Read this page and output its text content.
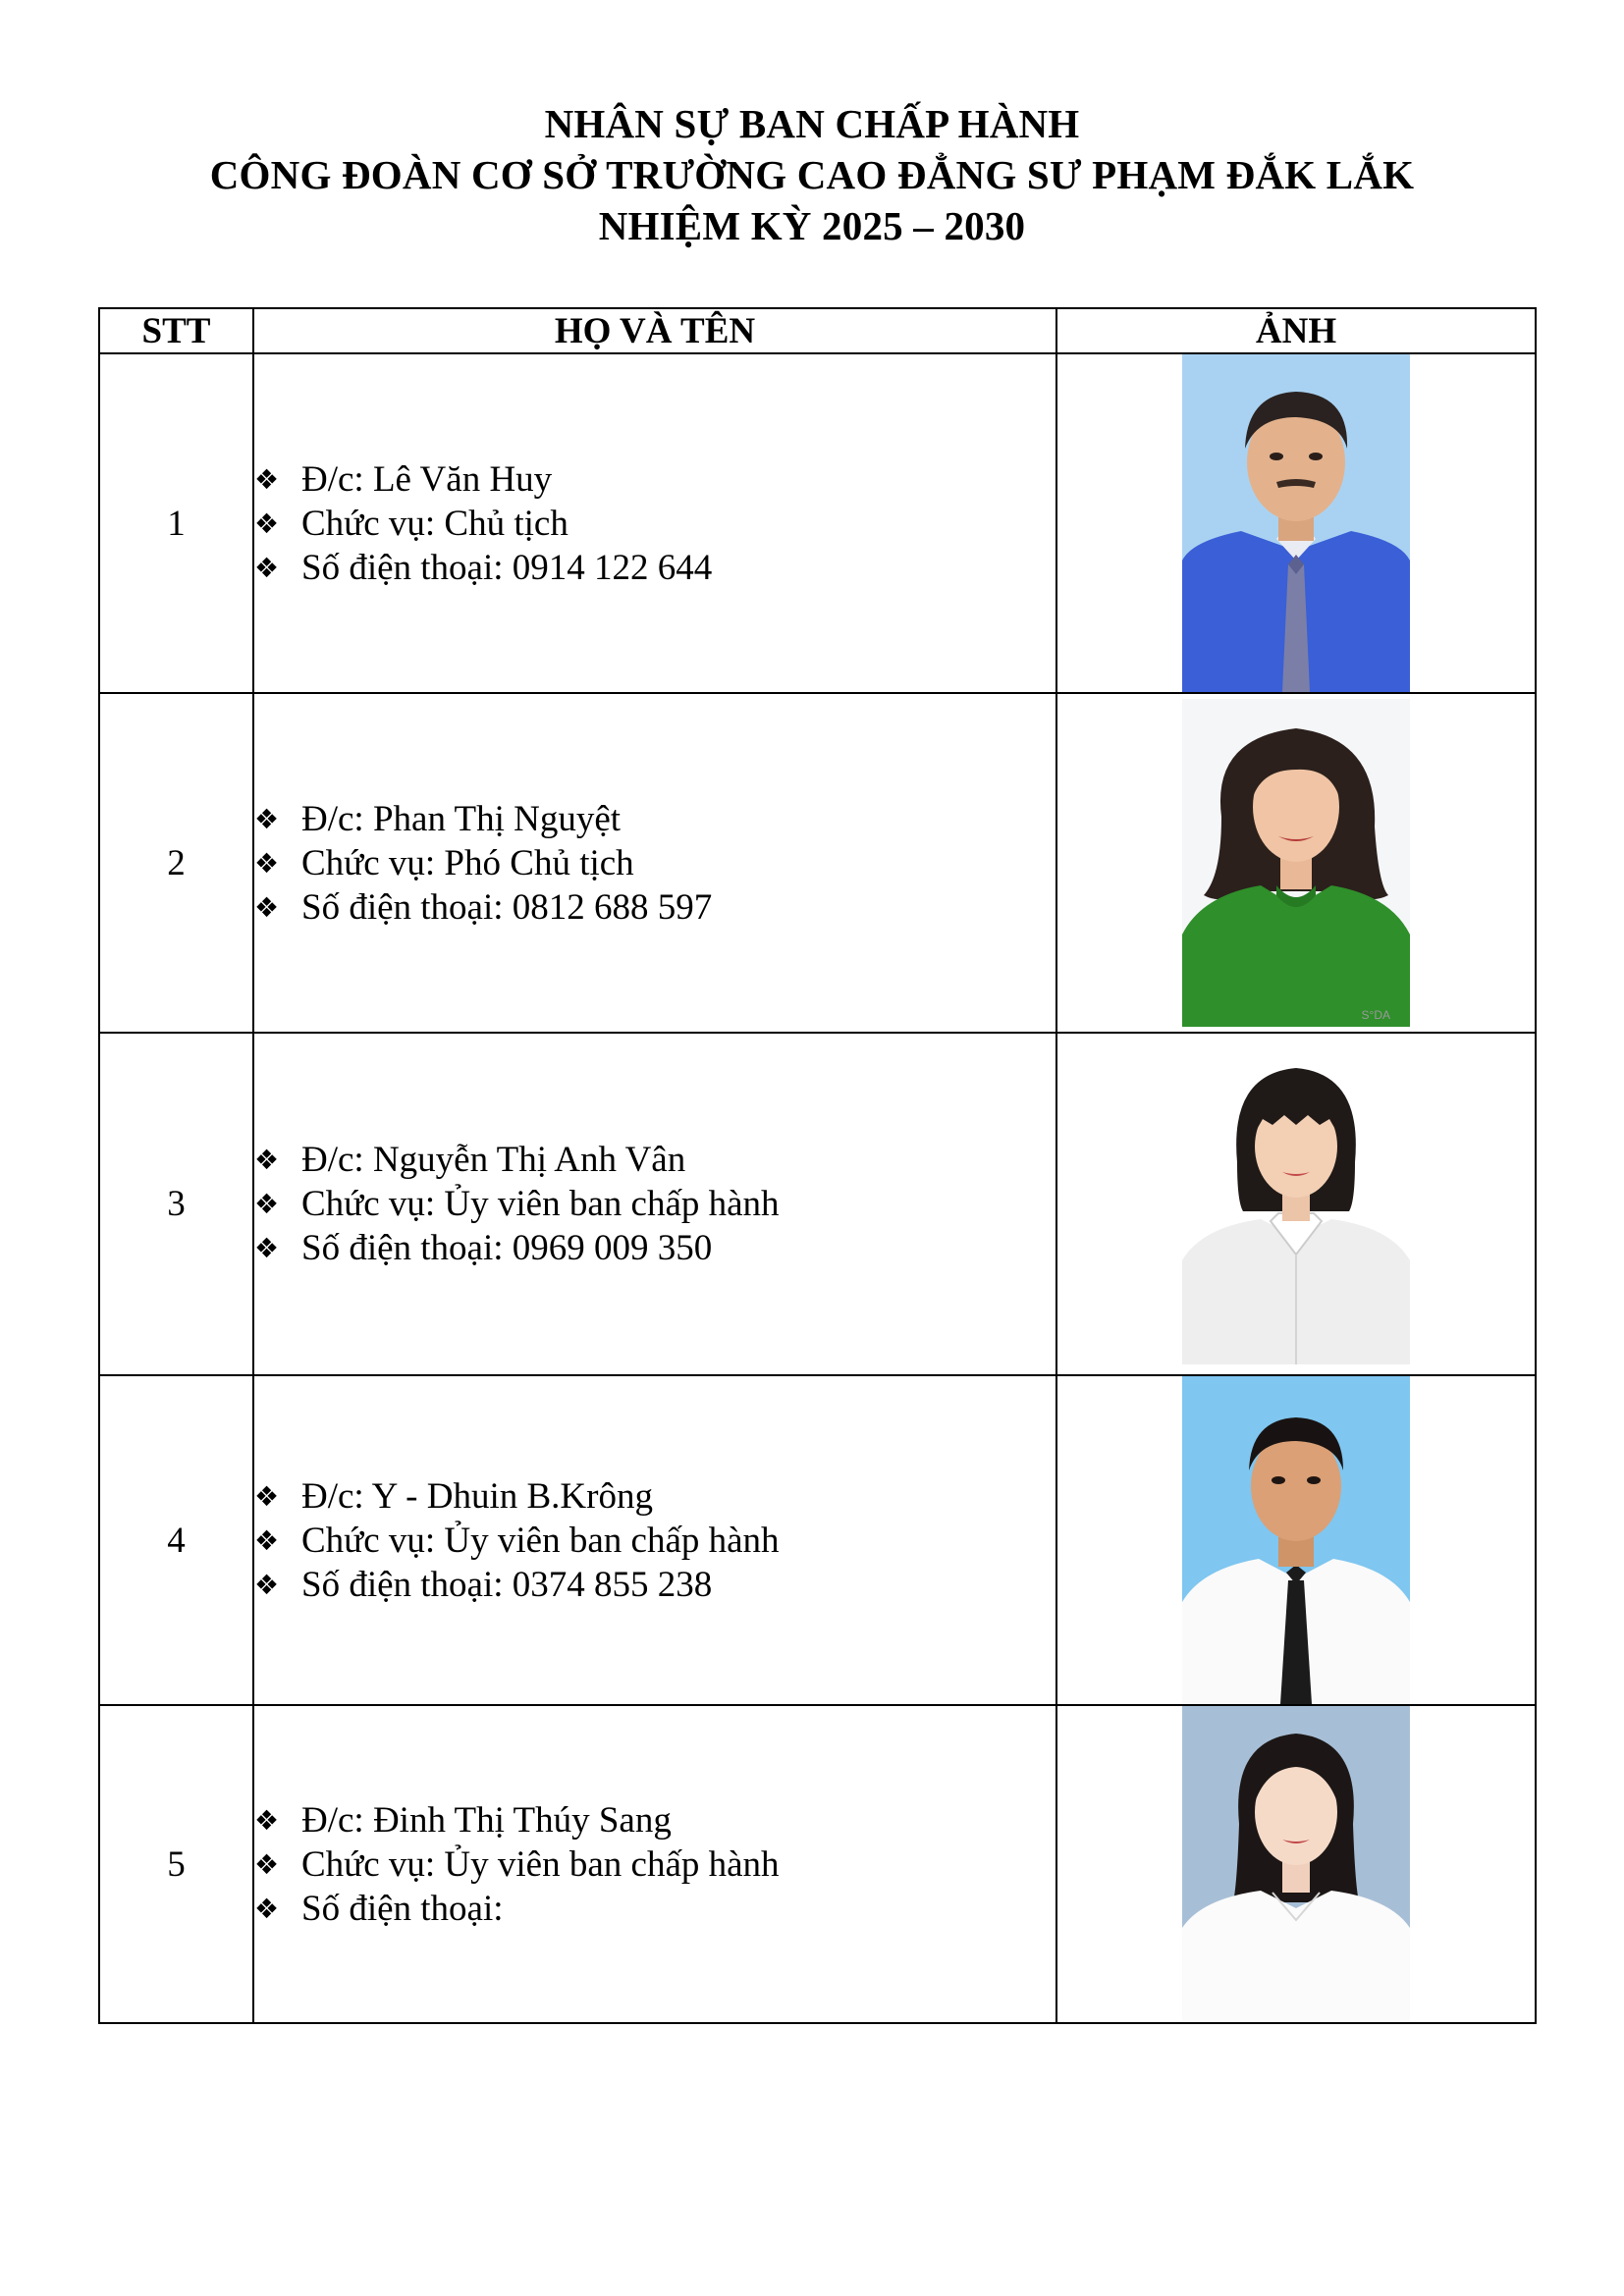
NHÂN SỰ BAN CHẤP HÀNH
CÔNG ĐOÀN CƠ SỞ TRƯỜNG CAO ĐẲNG SƯ PHẠM ĐẮK LẮK
NHIỆM KỲ 2025 – 2030
STT	HỌ VÀ TÊN	ẢNH
1	❖ Đ/c: Lê Văn Huy
❖ Chức vụ: Chủ tịch
❖ Số điện thoại: 0914 122 644

2	❖ Đ/c: Phan Thị Nguyệt
❖ Chức vụ: Phó Chủ tịch
❖ Số điện thoại: 0812 688 597	S°DA

3	❖ Đ/c: Nguyễn Thị Anh Vân
❖ Chức vụ: Ủy viên ban chấp hành
❖ Số điện thoại: 0969 009 350

4	❖ Đ/c: Y - Dhuin B.Krông
❖ Chức vụ: Ủy viên ban chấp hành
❖ Số điện thoại: 0374 855 238

5	❖ Đ/c: Đinh Thị Thúy Sang
❖ Chức vụ: Ủy viên ban chấp hành
❖ Số điện thoại:
